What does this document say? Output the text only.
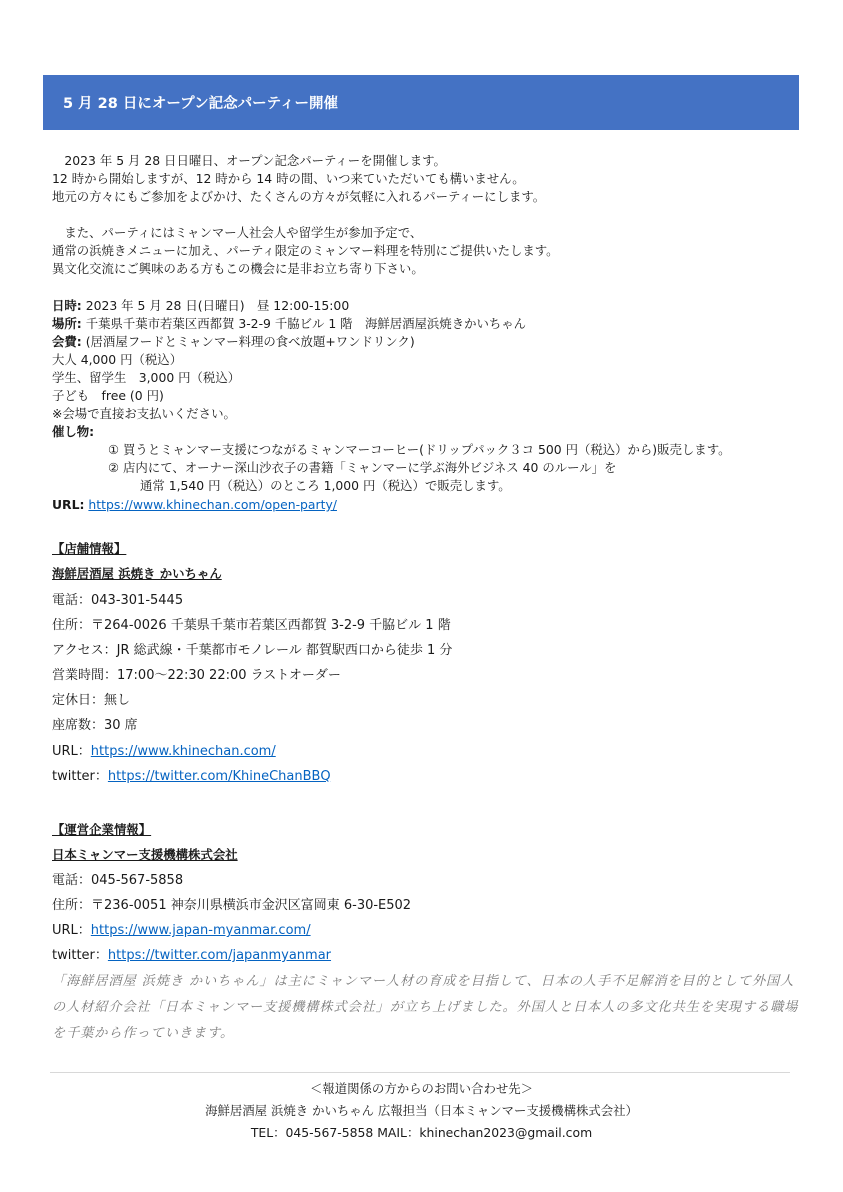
5 月 28 日にオープン記念パーティー開催
　2023 年 5 月 28 日日曜日、オープン記念パーティーを開催します。
12 時から開始しますが、12 時から 14 時の間、いつ来ていただいても構いません。
地元の方々にもご参加をよびかけ、たくさんの方々が気軽に入れるパーティーにします。
　また、パーティにはミャンマー人社会人や留学生が参加予定で、
通常の浜焼きメニューに加え、パーティ限定のミャンマー料理を特別にご提供いたします。
異文化交流にご興味のある方もこの機会に是非お立ち寄り下さい。
日時: 2023 年 5 月 28 日(日曜日)　昼 12:00-15:00
場所: 千葉県千葉市若葉区西都賀 3-2-9 千脇ビル 1 階　海鮮居酒屋浜焼きかいちゃん
会費: (居酒屋フードとミャンマー料理の食べ放題+ワンドリンク)
大人 4,000 円（税込）
学生、留学生　3,000 円（税込）
子ども　free (0 円)
※会場で直接お支払いください。
催し物:
① 買うとミャンマー支援につながるミャンマーコーヒー(ドリップパック３コ 500 円（税込）から)販売します。
② 店内にて、オーナー深山沙衣子の書籍「ミャンマーに学ぶ海外ビジネス 40 のルール」を
通常 1,540 円（税込）のところ 1,000 円（税込）で販売します。
URL: https://www.khinechan.com/open-party/
【店舗情報】
海鮮居酒屋 浜焼き かいちゃん
電話：043-301-5445
住所：〒264-0026 千葉県千葉市若葉区西都賀 3-2-9 千脇ビル 1 階
アクセス：JR 総武線・千葉都市モノレール 都賀駅西口から徒歩 1 分
営業時間：17:00～22:30 22:00 ラストオーダー
定休日：無し
座席数：30 席
URL：https://www.khinechan.com/
twitter：https://twitter.com/KhineChanBBQ
【運営企業情報】
日本ミャンマー支援機構株式会社
電話：045-567-5858
住所：〒236-0051 神奈川県横浜市金沢区富岡東 6-30-E502
URL：https://www.japan-myanmar.com/
twitter：https://twitter.com/japanmyanmar
「海鮮居酒屋 浜焼き かいちゃん」は主にミャンマー人材の育成を目指して、日本の人手不足解消を目的として外国人の人材紹介会社「日本ミャンマー支援機構株式会社」が立ち上げました。外国人と日本人の多文化共生を実現する職場を千葉から作っていきます。
＜報道関係の方からのお問い合わせ先＞
海鮮居酒屋 浜焼き かいちゃん 広報担当（日本ミャンマー支援機構株式会社）
TEL：045-567-5858 MAIL：khinechan2023@gmail.com
